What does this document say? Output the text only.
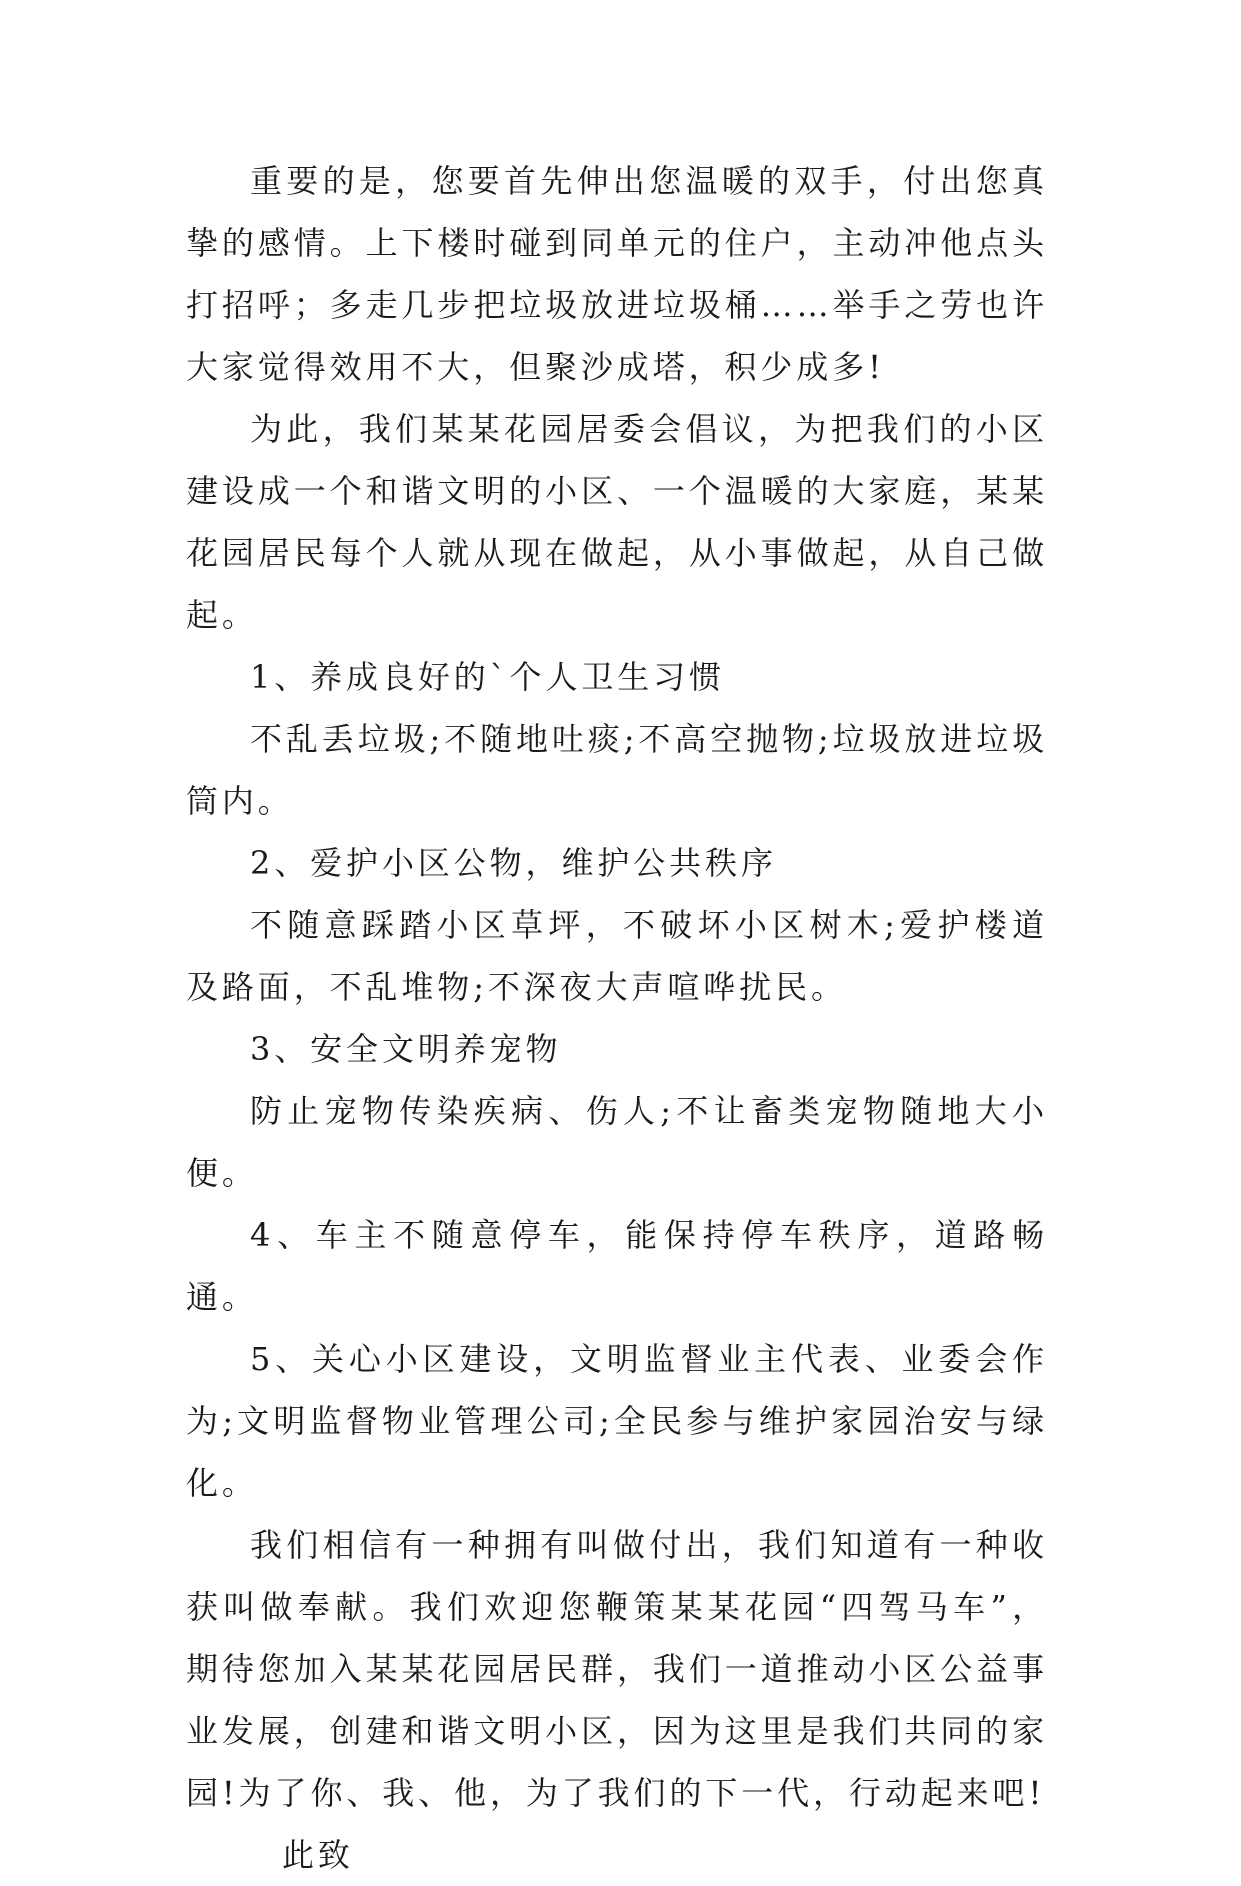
重要的是，您要首先伸出您温暖的双手，付出您真挚的感情。上下楼时碰到同单元的住户，主动冲他点头打招呼；多走几步把垃圾放进垃圾桶……举手之劳也许大家觉得效用不大，但聚沙成塔，积少成多!

为此，我们某某花园居委会倡议，为把我们的小区建设成一个和谐文明的小区、一个温暖的大家庭，某某花园居民每个人就从现在做起，从小事做起，从自己做起。

1、养成良好的`个人卫生习惯

不乱丢垃圾;不随地吐痰;不高空抛物;垃圾放进垃圾筒内。

2、爱护小区公物，维护公共秩序

不随意踩踏小区草坪，不破坏小区树木;爱护楼道及路面，不乱堆物;不深夜大声喧哗扰民。

3、安全文明养宠物

防止宠物传染疾病、伤人;不让畜类宠物随地大小便。

4、车主不随意停车，能保持停车秩序，道路畅通。

5、关心小区建设，文明监督业主代表、业委会作为;文明监督物业管理公司;全民参与维护家园治安与绿化。

我们相信有一种拥有叫做付出，我们知道有一种收获叫做奉献。我们欢迎您鞭策某某花园“四驾马车”，期待您加入某某花园居民群，我们一道推动小区公益事业发展，创建和谐文明小区，因为这里是我们共同的家园!为了你、我、他，为了我们的下一代，行动起来吧!

此致
